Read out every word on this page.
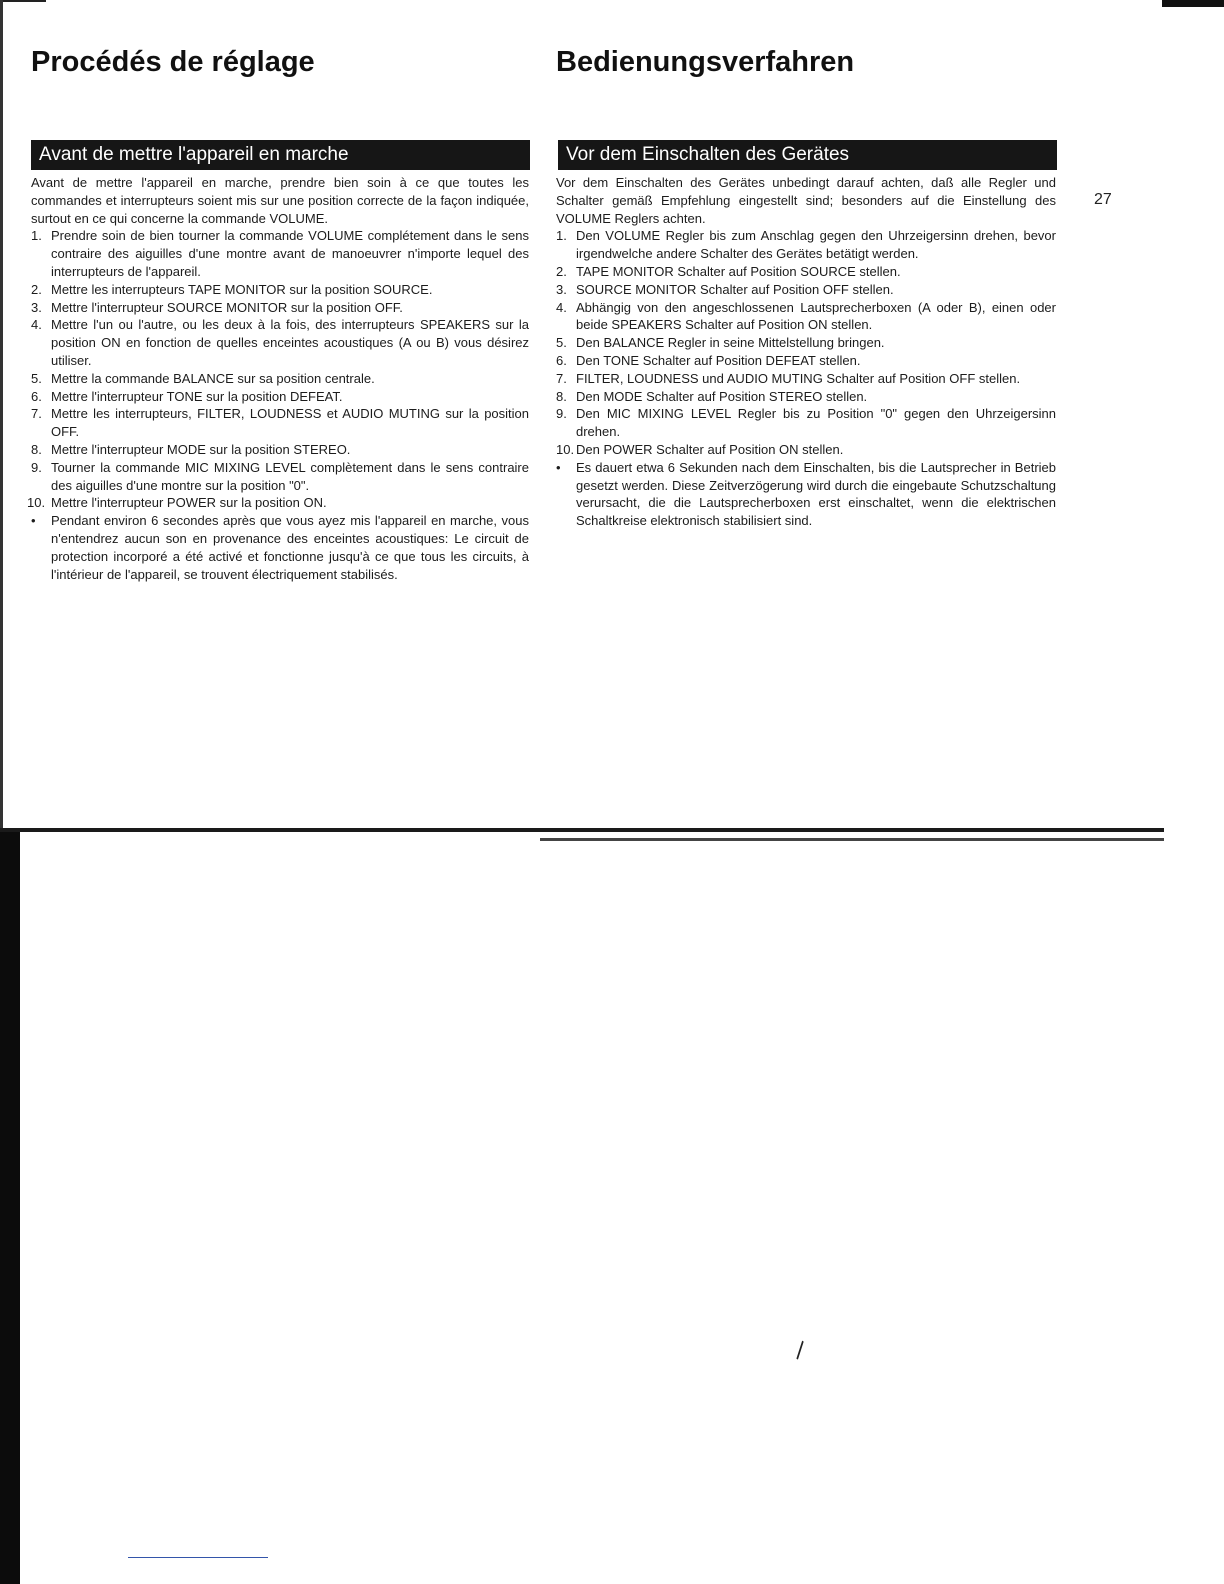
\
Procédés de réglage	Bedienungsverfahren
Avant de mettre l'appareil en marche	Vor dem Einschalten des Gerätes

Avant de mettre l'appareil en marche, prendre bien soin à ce que toutes les commandes et interrupteurs soient mis sur une position correcte de la façon indiquée, surtout en ce qui concerne la commande VOLUME.

1. Prendre soin de bien tourner la commande VOLUME complétement dans le sens contraire des aiguilles d'une montre avant de manoeuvrer n'importe lequel des interrupteurs de l'appareil.
2. Mettre les interrupteurs TAPE MONITOR sur la position SOURCE.
3. Mettre l'interrupteur SOURCE MONITOR sur la position OFF.
4. Mettre l'un ou l'autre, ou les deux à la fois, des interrupteurs SPEAKERS sur la position ON en fonction de quelles enceintes acoustiques (A ou B) vous désirez utiliser.
5. Mettre la commande BALANCE sur sa position centrale.
6. Mettre l'interrupteur TONE sur la position DEFEAT.
7. Mettre les interrupteurs, FILTER, LOUDNESS et AUDIO MUTING sur la position OFF.
8. Mettre l'interrupteur MODE sur la position STEREO.
9. Tourner la commande MIC MIXING LEVEL complètement dans le sens contraire des aiguilles d'une montre sur la position "0".
10. Mettre l'interrupteur POWER sur la position ON.
•	Pendant environ 6 secondes après que vous ayez mis l'appareil en marche, vous n'entendrez aucun son en provenance des enceintes acoustiques: Le circuit de protection incorporé a été activé et fonctionne jusqu'à ce que tous les circuits, à l'intérieur de l'appareil, se trouvent électriquement stabilisés.

Vor dem Einschalten des Gerätes unbedingt darauf achten, daß alle Regler und Schalter gemäß Empfehlung eingestellt sind; besonders auf die Einstellung des VOLUME Reglers achten.

1. Den VOLUME Regler bis zum Anschlag gegen den Uhrzeigersinn drehen, bevor irgendwelche andere Schalter des Gerätes betätigt werden.
2. TAPE MONITOR Schalter auf Position SOURCE stellen.
3. SOURCE MONITOR Schalter auf Position OFF stellen.
4. Abhängig von den angeschlossenen Lautsprecherboxen (A oder B), einen oder beide SPEAKERS Schalter auf Position ON stellen.
5. Den BALANCE Regler in seine Mittelstellung bringen.
6. Den TONE Schalter auf Position DEFEAT stellen.
7. FILTER, LOUDNESS und AUDIO MUTING Schalter auf Position OFF stellen.
8. Den MODE Schalter auf Position STEREO stellen.
9. Den MIC MIXING LEVEL Regler bis zu Position "0" gegen den Uhrzeigersinn drehen.
10. Den POWER Schalter auf Position ON stellen.
•	Es dauert etwa 6 Sekunden nach dem Einschalten, bis die Lautsprecher in Betrieb gesetzt werden. Diese Zeitverzögerung wird durch die eingebaute Schutzschaltung verursacht, die die Lautsprecherboxen erst einschaltet, wenn die elektrischen Schaltkreise elektronisch stabilisiert sind.
27
